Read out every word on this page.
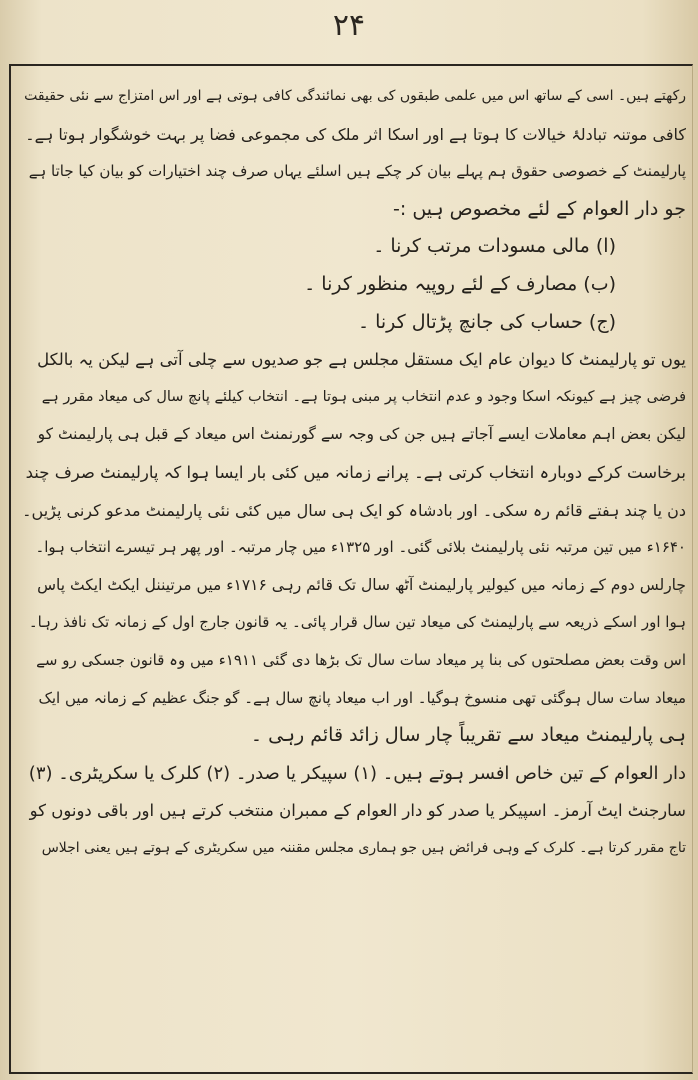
۲۴
رکھتے ہیں۔ اسی کے ساتھ اس میں علمی طبقوں کی بھی نمائندگی کافی ہوتی ہے اور اس امتزاج سے نئی حقیقت
کافی موتنہ تبادلۂ خیالات کا ہوتا ہے اور اسکا اثر ملک کی مجموعی فضا پر بہت خوشگوار ہوتا ہے۔
پارلیمنٹ کے خصوصی حقوق ہم پہلے بیان کر چکے ہیں اسلئے یہاں صرف چند اختیارات کو بیان کیا جاتا ہے
جو دار العوام کے لئے مخصوص ہیں :-
(ا) مالی مسودات مرتب کرنا ۔
(ب) مصارف کے لئے روپیہ منظور کرنا ۔
(ج) حساب کی جانچ پڑتال کرنا ۔
یوں تو پارلیمنٹ کا دیوان عام ایک مستقل مجلس ہے جو صدیوں سے چلی آتی ہے لیکن یہ بالکل
فرضی چیز ہے کیونکہ اسکا وجود و عدم انتخاب پر مبنی ہوتا ہے۔ انتخاب کیلئے پانچ سال کی میعاد مقرر ہے
لیکن بعض اہم معاملات ایسے آجاتے ہیں جن کی وجہ سے گورنمنٹ اس میعاد کے قبل ہی پارلیمنٹ کو
برخاست کرکے دوبارہ انتخاب کرتی ہے۔ پرانے زمانہ میں کئی بار ایسا ہوا کہ پارلیمنٹ صرف چند
دن یا چند ہفتے قائم رہ سکی۔ اور بادشاہ کو ایک ہی سال میں کئی نئی پارلیمنٹ مدعو کرنی پڑیں۔
۱۶۴۰ء میں تین مرتبہ نئی پارلیمنٹ بلائی گئی۔ اور ۱۳۲۵ء میں چار مرتبہ۔ اور پھر ہر تیسرے انتخاب ہوا۔
چارلس دوم کے زمانہ میں کیولیر پارلیمنٹ آٹھ سال تک قائم رہی ۱۷۱۶ء میں مرتیننل ایکٹ ایکٹ پاس
ہوا اور اسکے ذریعہ سے پارلیمنٹ کی میعاد تین سال قرار پائی۔ یہ قانون جارج اول کے زمانہ تک نافذ رہا۔
اس وقت بعض مصلحتوں کی بنا پر میعاد سات سال تک بڑھا دی گئی ۱۹۱۱ء میں وہ قانون جسکی رو سے
میعاد سات سال ہوگئی تھی منسوخ ہوگیا۔ اور اب میعاد پانچ سال ہے۔ گو جنگ عظیم کے زمانہ میں ایک
ہی پارلیمنٹ میعاد سے تقریباً چار سال زائد قائم رہی ۔
دار العوام کے تین خاص افسر ہوتے ہیں۔ (۱) سپیکر یا صدر۔ (۲) کلرک یا سکریٹری۔ (۳)
سارجنٹ ایٹ آرمز۔ اسپیکر یا صدر کو دار العوام کے ممبران منتخب کرتے ہیں اور باقی دونوں کو
تاج مقرر کرتا ہے۔ کلرک کے وہی فرائض ہیں جو ہماری مجلس مقننہ میں سکریٹری کے ہوتے ہیں یعنی اجلاس
